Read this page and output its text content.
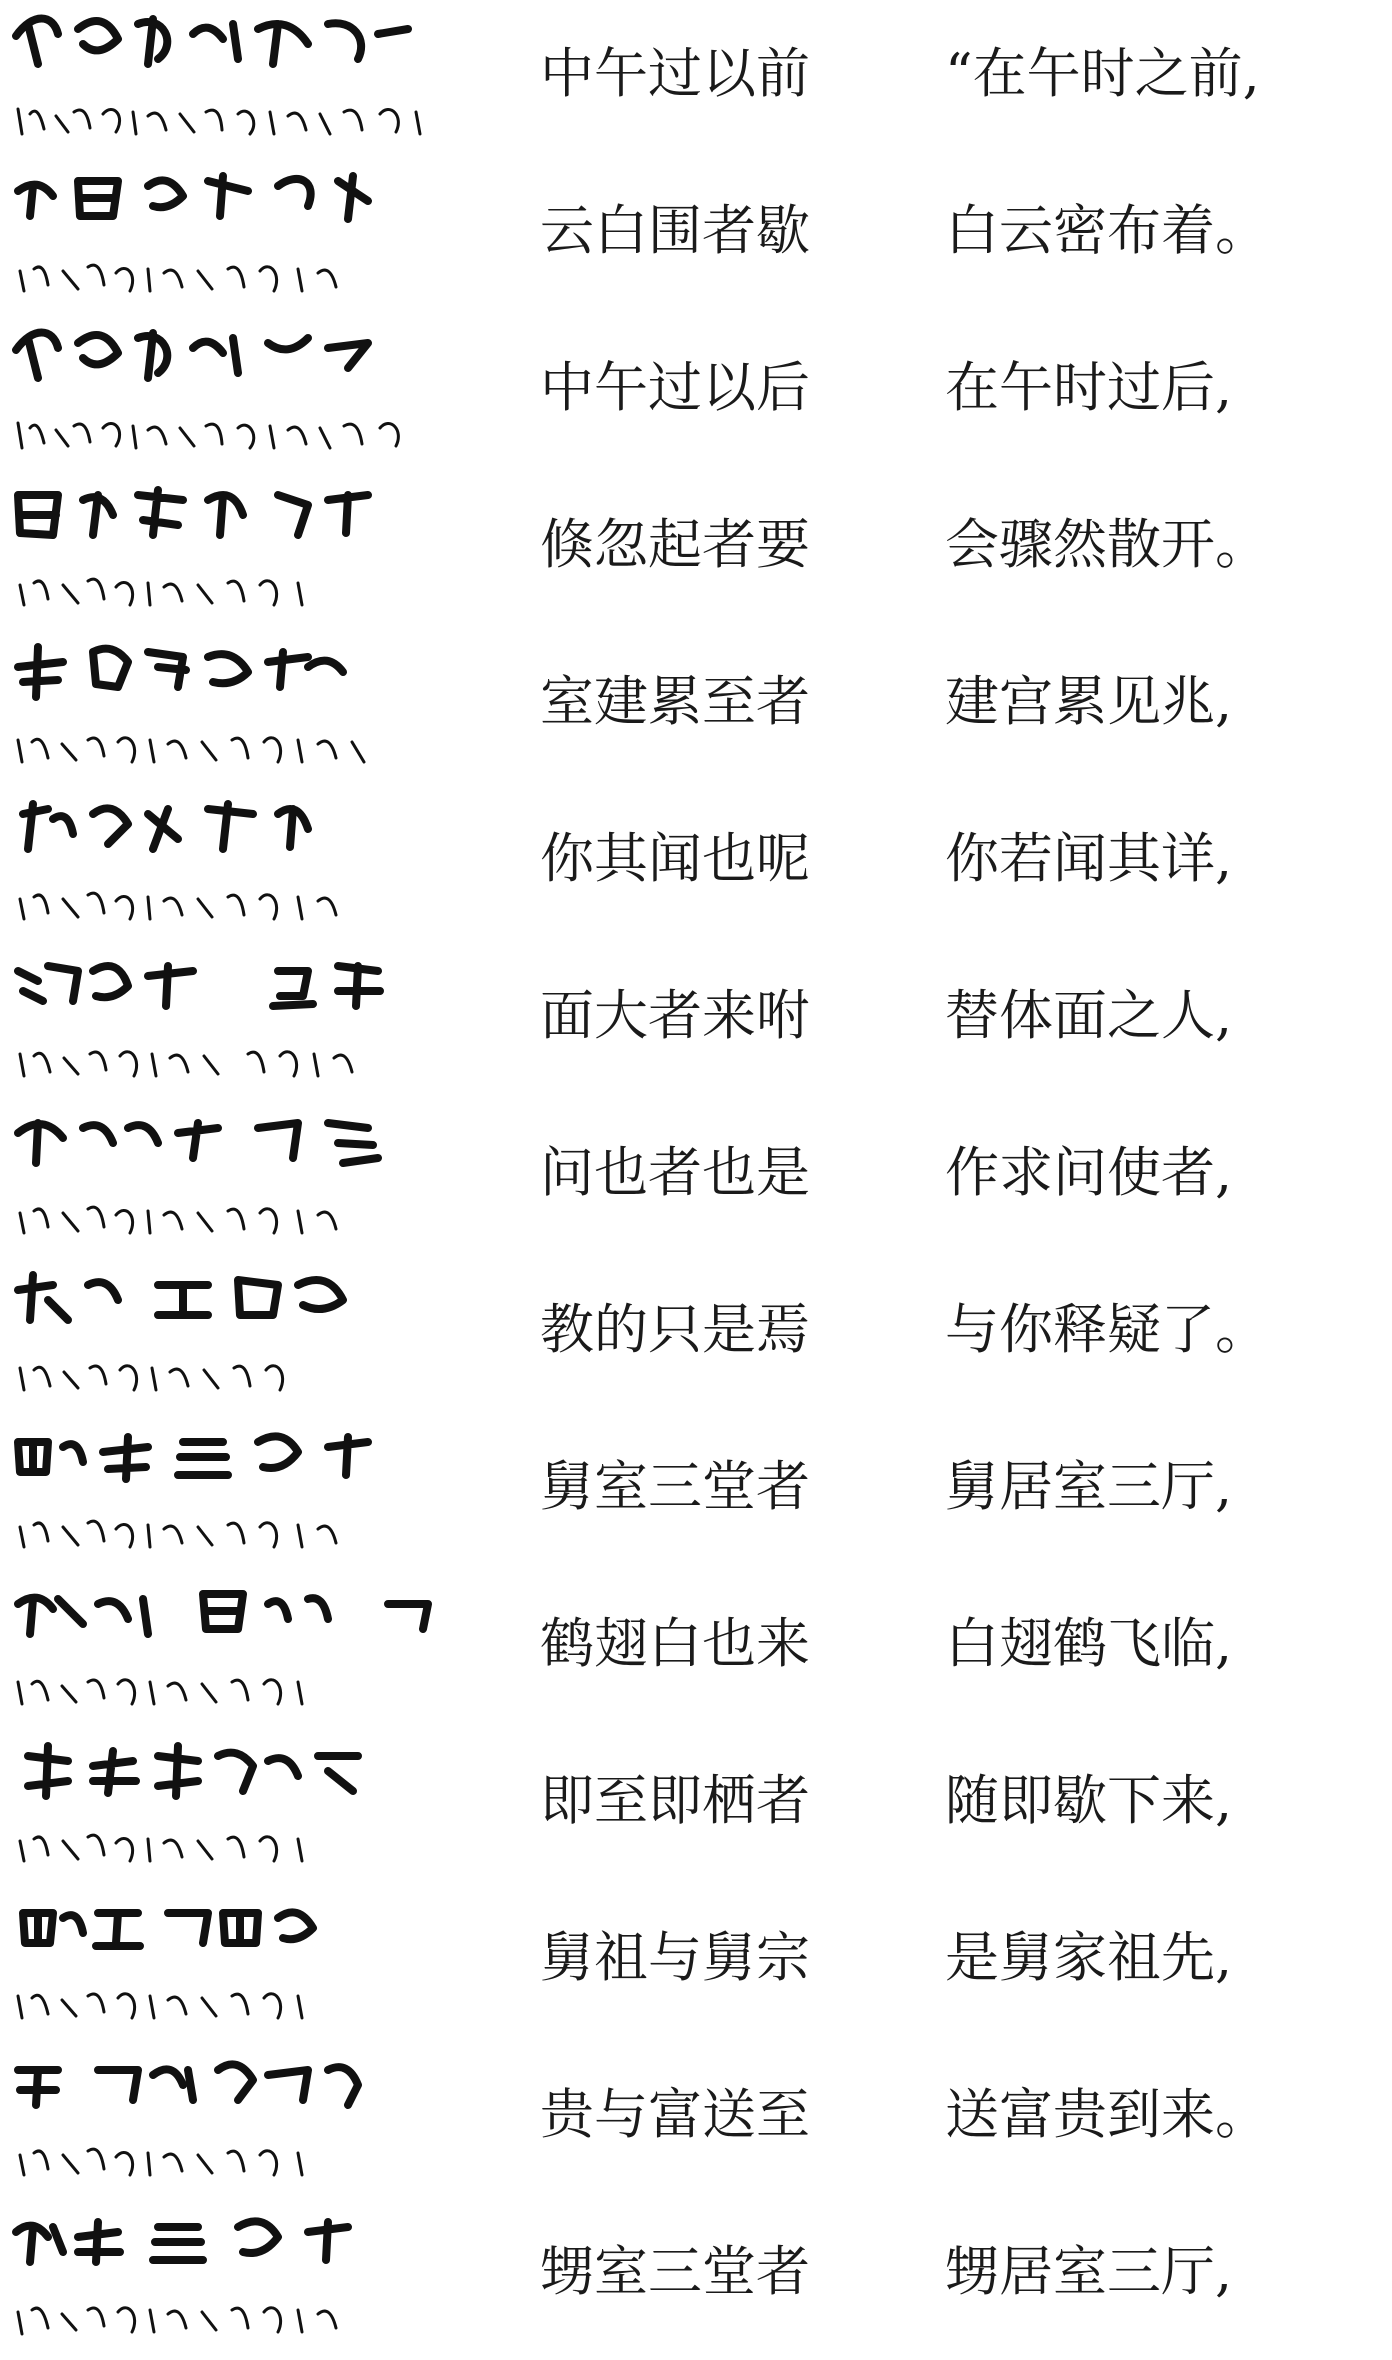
中午过以前	“在午时之前,
云白围者歇	白云密布着。
中午过以后	在午时过后,
倏忽起者要	会骤然散开。
室建累至者	建宫累见兆,
你其闻也呢	你若闻其详,
面大者来咐	替体面之人,
问也者也是	作求问使者,
教的只是焉	与你释疑了。
舅室三堂者	舅居室三厅,
鹤翅白也来	白翅鹤飞临,
即至即栖者	随即歇下来,
舅祖与舅宗	是舅家祖先,
贵与富送至	送富贵到来。
甥室三堂者	甥居室三厅,
